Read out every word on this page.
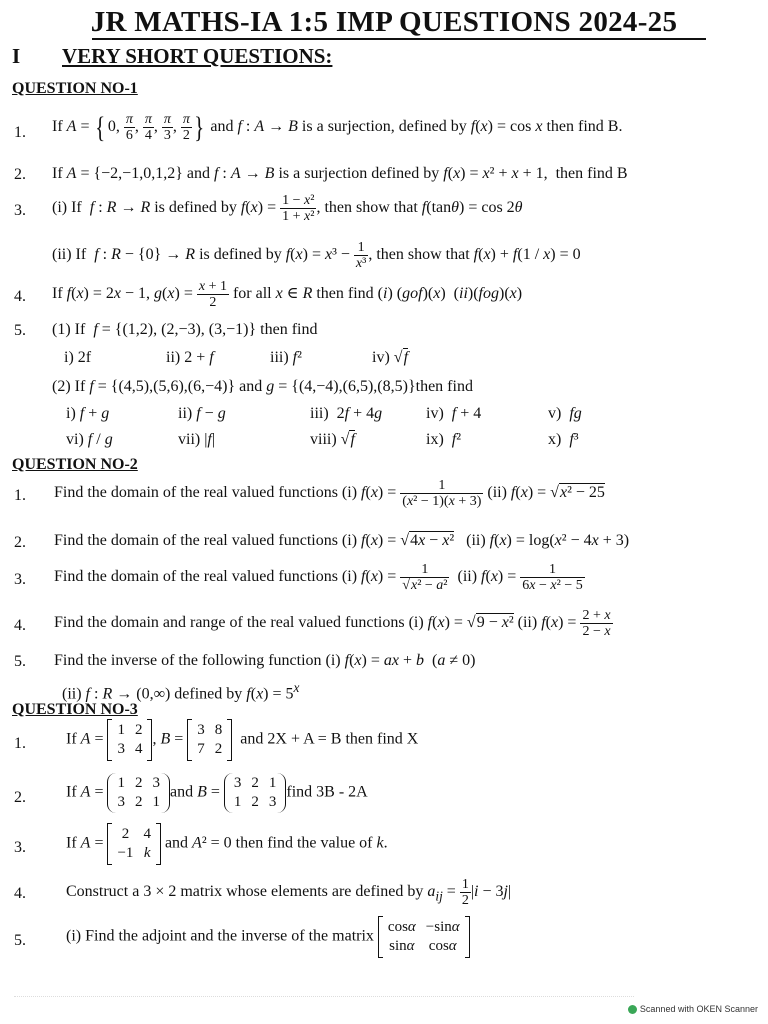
JR MATHS-IA 1:5 IMP QUESTIONS 2024-25
I VERY SHORT QUESTIONS:
QUESTION NO-1
1. If A = { 0, $\frac{\pi}{6}$ , $\frac{\pi}{4}$ , $\frac{\pi}{3}$ , $\frac{\pi}{2}$ } and f : A → B is a surjection, defined by f(x) = cos x then find B.
2. If A = {−2,−1,0,1,2} and f : A → B is a surjection defined by f(x) = x² + x + 1,  then find B
3. (i) If  f : R → R is defined by $f(x) = \frac{\text{1 − x²}}{\text{1 + x²}}$ , then show that f(tanθ) = cos 2θ
(ii) If  f : R − {0} → R is defined by $f(x) = x^3 - \frac{1}{\text{x³}}$ , then show that f(x) + f(1 / x) = 0
4. If f(x) = 2x − 1, $g(x) = \frac{x + 1}{2}$ for all x ∈ R then find (i) (gof)(x)  (ii)(fog)(x)
5. (1) If  f = {(1,2), (2,−3), (3,−1)} then find
i) 2f	ii) 2 + f	iii) f²	iv) √f
(2) If f = {(4,5),(5,6),(6,−4)} and g = {(4,−4),(6,5),(8,5)}then find
i) f + g	ii) f − g	iii)  2f + 4g	iv)  f + 4	v)  fg
vi) f / g	vii) |f|	viii) √f	ix)  f²	x)  f³
QUESTION NO-2
1. Find the domain of the real valued functions (i) $f(x) = \frac{1}{\text{(x² − 1)(x + 3)}} (ii) f(x) = √x^2 - 25$
2. Find the domain of the real valued functions (i) f(x) = √4x − x²   (ii) f(x) = log(x² − 4x + 3)
3. Find the domain of the real valued functions (i) $f(x) = \frac{1}{\text{√x² − a²}} (ii) f(x) = \frac{1}{\text{6x − x² − 5}}$
4. Find the domain and range of the real valued functions (i) f(x) = √9 − x² (ii) $f(x) = \frac{2 + x}{2 - x}$
5. Find the inverse of the following function (i) f(x) = ax + b  (a ≠ 0)
(ii) f : R → (0,∞) defined by $f(x) = 5^x$
QUESTION NO-3
1.	If A =
1	2
3	4
, B =
3	8
7	2
and 2X + A = B then find X
2.	If A =
1	2	3
3	2	1
and B =
3	2	1
1	2	3
find 3B - 2A
3.	If A =
2	4
−1	k
and A² = 0 then find the value of k.
4.	Construct a 3 × 2 matrix whose elements are defined by $a_{ij} = \frac{1}{2} |i - 3j|$
5.	(i) Find the adjoint and the inverse of the matrix
cosα	−sinα
sinα	cosα
Scanned with OKEN Scanner
